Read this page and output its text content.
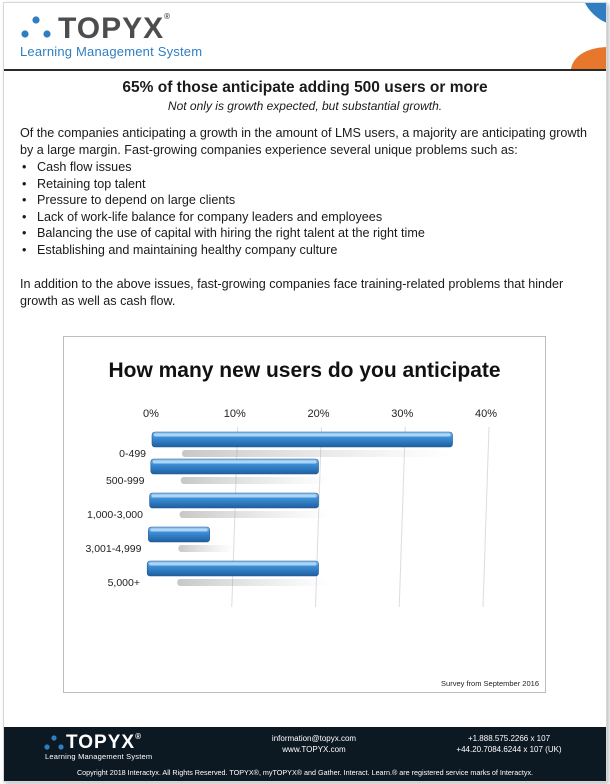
TOPYX®
Learning Management System
65% of those anticipate adding 500 users or more
Not only is growth expected, but substantial growth.
Of the companies anticipating a growth in the amount of LMS users, a majority are anticipating growth by a large margin. Fast-growing companies experience several unique problems such as:
• Cash flow issues
• Retaining top talent
• Pressure to depend on large clients
• Lack of work-life balance for company leaders and employees
• Balancing the use of capital with hiring the right talent at the right time
• Establishing and maintaining healthy company culture
In addition to the above issues, fast-growing companies face training-related problems that hinder growth as well as cash flow.
How many new users do you anticipate
0%	10%	20%	30%	40%
0-499
500-999
1,000-3,000
3,001-4,999
5,000+
Survey from September 2016
TOPYX®
Learning Management System
information@topyx.com
www.TOPYX.com
+1.888.575.2266 x 107
+44.20.7084.6244 x 107 (UK)
Copyright 2018 Interactyx. All Rights Reserved. TOPYX®, myTOPYX® and Gather. Interact. Learn.® are registered service marks of Interactyx.
